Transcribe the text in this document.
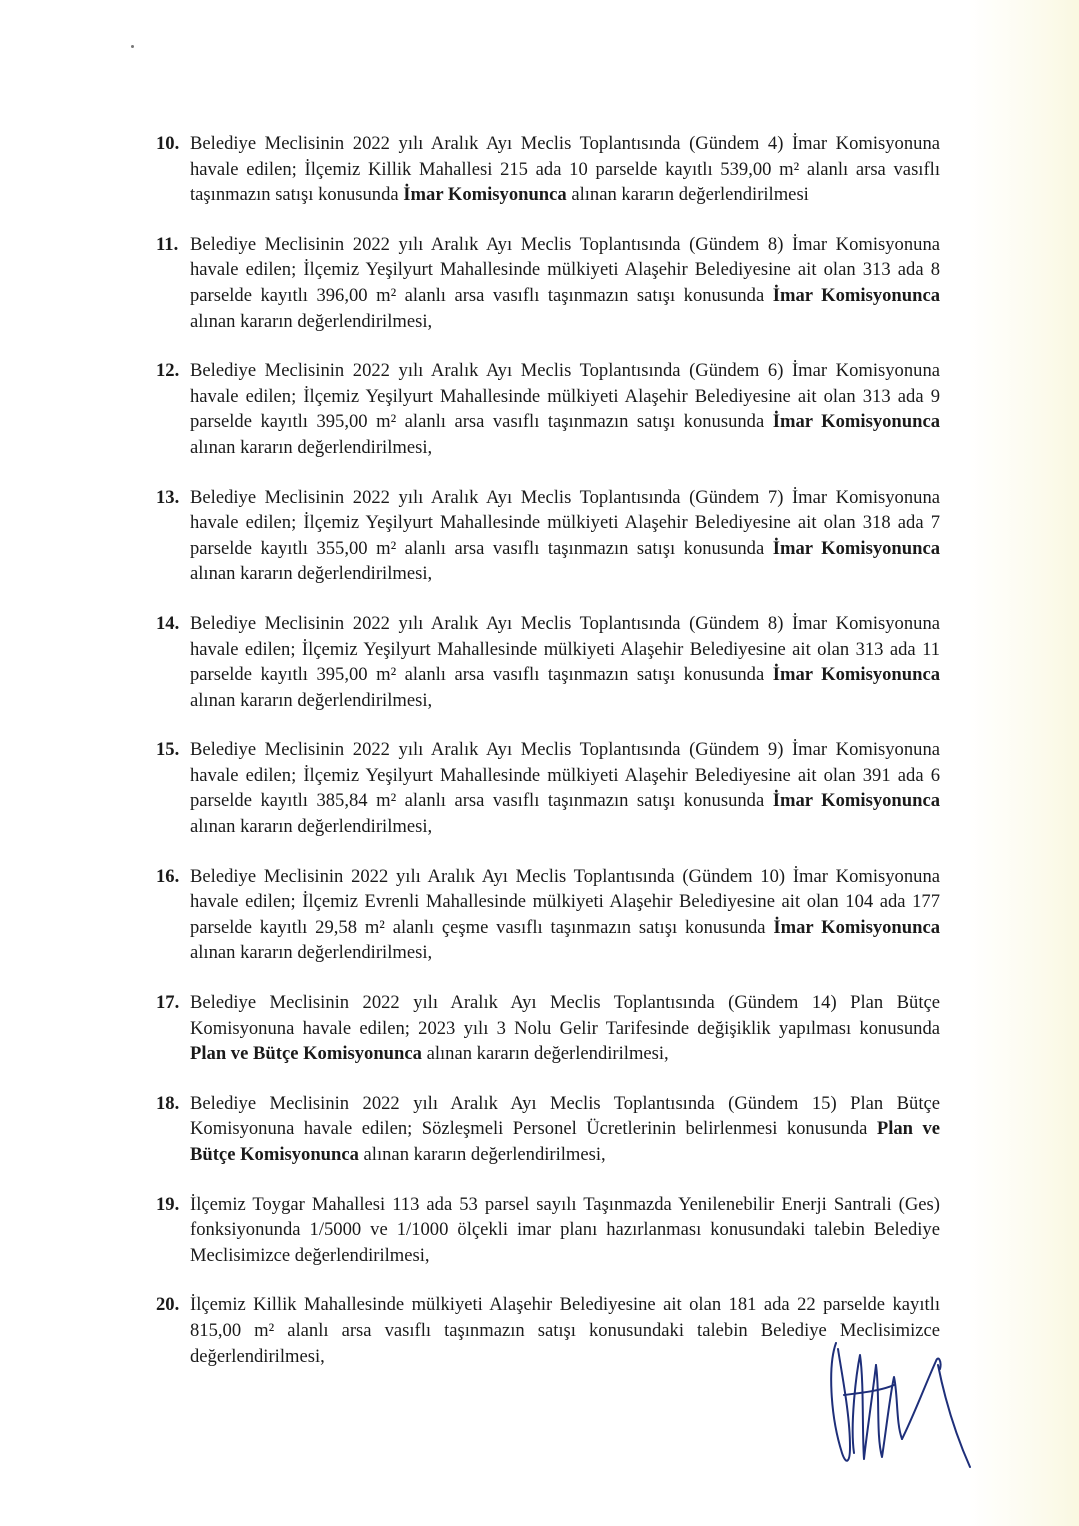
10. Belediye Meclisinin 2022 yılı Aralık Ayı Meclis Toplantısında (Gündem 4) İmar Komisyonuna havale edilen; İlçemiz Killik Mahallesi 215 ada 10 parselde kayıtlı 539,00 m² alanlı arsa vasıflı taşınmazın satışı konusunda İmar Komisyonunca alınan kararın değerlendirilmesi
11. Belediye Meclisinin 2022 yılı Aralık Ayı Meclis Toplantısında (Gündem 8) İmar Komisyonuna havale edilen; İlçemiz Yeşilyurt Mahallesinde mülkiyeti Alaşehir Belediyesine ait olan 313 ada 8 parselde kayıtlı 396,00 m² alanlı arsa vasıflı taşınmazın satışı konusunda İmar Komisyonunca alınan kararın değerlendirilmesi,
12. Belediye Meclisinin 2022 yılı Aralık Ayı Meclis Toplantısında (Gündem 6) İmar Komisyonuna havale edilen; İlçemiz Yeşilyurt Mahallesinde mülkiyeti Alaşehir Belediyesine ait olan 313 ada 9 parselde kayıtlı 395,00 m² alanlı arsa vasıflı taşınmazın satışı konusunda İmar Komisyonunca alınan kararın değerlendirilmesi,
13. Belediye Meclisinin 2022 yılı Aralık Ayı Meclis Toplantısında (Gündem 7) İmar Komisyonuna havale edilen; İlçemiz Yeşilyurt Mahallesinde mülkiyeti Alaşehir Belediyesine ait olan 318 ada 7 parselde kayıtlı 355,00 m² alanlı arsa vasıflı taşınmazın satışı konusunda İmar Komisyonunca alınan kararın değerlendirilmesi,
14. Belediye Meclisinin 2022 yılı Aralık Ayı Meclis Toplantısında (Gündem 8) İmar Komisyonuna havale edilen; İlçemiz Yeşilyurt Mahallesinde mülkiyeti Alaşehir Belediyesine ait olan 313 ada 11 parselde kayıtlı 395,00 m² alanlı arsa vasıflı taşınmazın satışı konusunda İmar Komisyonunca alınan kararın değerlendirilmesi,
15. Belediye Meclisinin 2022 yılı Aralık Ayı Meclis Toplantısında (Gündem 9) İmar Komisyonuna havale edilen; İlçemiz Yeşilyurt Mahallesinde mülkiyeti Alaşehir Belediyesine ait olan 391 ada 6 parselde kayıtlı 385,84 m² alanlı arsa vasıflı taşınmazın satışı konusunda İmar Komisyonunca alınan kararın değerlendirilmesi,
16. Belediye Meclisinin 2022 yılı Aralık Ayı Meclis Toplantısında (Gündem 10) İmar Komisyonuna havale edilen; İlçemiz Evrenli Mahallesinde mülkiyeti Alaşehir Belediyesine ait olan 104 ada 177 parselde kayıtlı 29,58 m² alanlı çeşme vasıflı taşınmazın satışı konusunda İmar Komisyonunca alınan kararın değerlendirilmesi,
17. Belediye Meclisinin 2022 yılı Aralık Ayı Meclis Toplantısında (Gündem 14) Plan Bütçe Komisyonuna havale edilen; 2023 yılı 3 Nolu Gelir Tarifesinde değişiklik yapılması konusunda Plan ve Bütçe Komisyonunca alınan kararın değerlendirilmesi,
18. Belediye Meclisinin 2022 yılı Aralık Ayı Meclis Toplantısında (Gündem 15) Plan Bütçe Komisyonuna havale edilen; Sözleşmeli Personel Ücretlerinin belirlenmesi konusunda Plan ve Bütçe Komisyonunca alınan kararın değerlendirilmesi,
19. İlçemiz Toygar Mahallesi 113 ada 53 parsel sayılı Taşınmazda Yenilenebilir Enerji Santrali (Ges) fonksiyonunda 1/5000 ve 1/1000 ölçekli imar planı hazırlanması konusundaki talebin Belediye Meclisimizce değerlendirilmesi,
20. İlçemiz Killik Mahallesinde mülkiyeti Alaşehir Belediyesine ait olan 181 ada 22 parselde kayıtlı 815,00 m² alanlı arsa vasıflı taşınmazın satışı konusundaki talebin Belediye Meclisimizce değerlendirilmesi,
